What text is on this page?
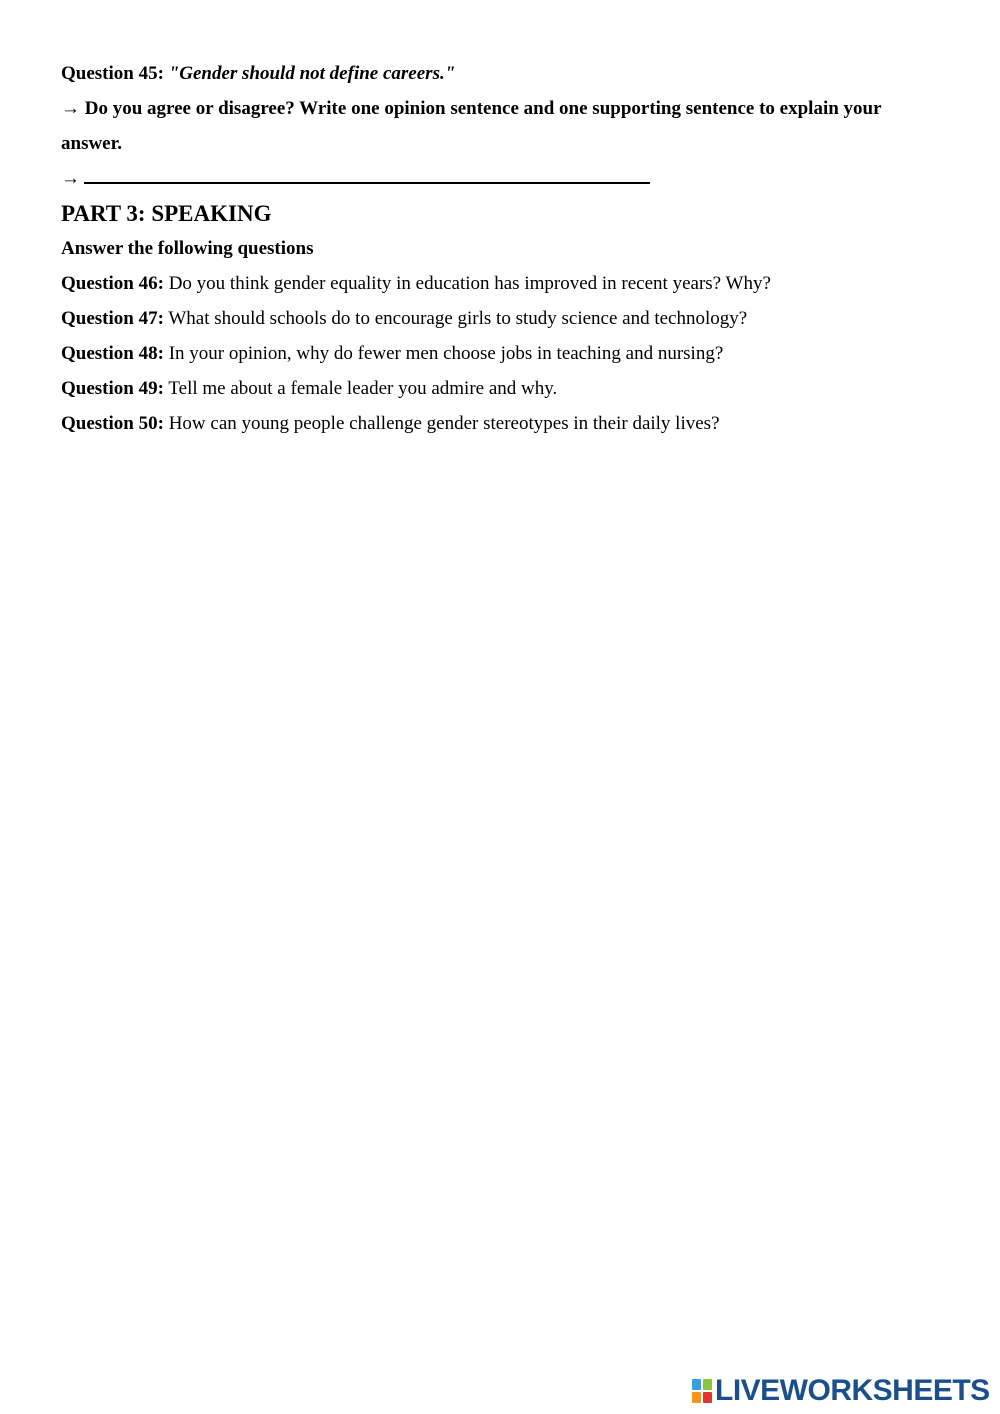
Question 45: "Gender should not define careers."

→ Do you agree or disagree? Write one opinion sentence and one supporting sentence to explain your answer.

→

PART 3: SPEAKING

Answer the following questions

Question 46: Do you think gender equality in education has improved in recent years? Why?

Question 47: What should schools do to encourage girls to study science and technology?

Question 48: In your opinion, why do fewer men choose jobs in teaching and nursing?

Question 49: Tell me about a female leader you admire and why.

Question 50: How can young people challenge gender stereotypes in their daily lives?

LIVEWORKSHEETS
